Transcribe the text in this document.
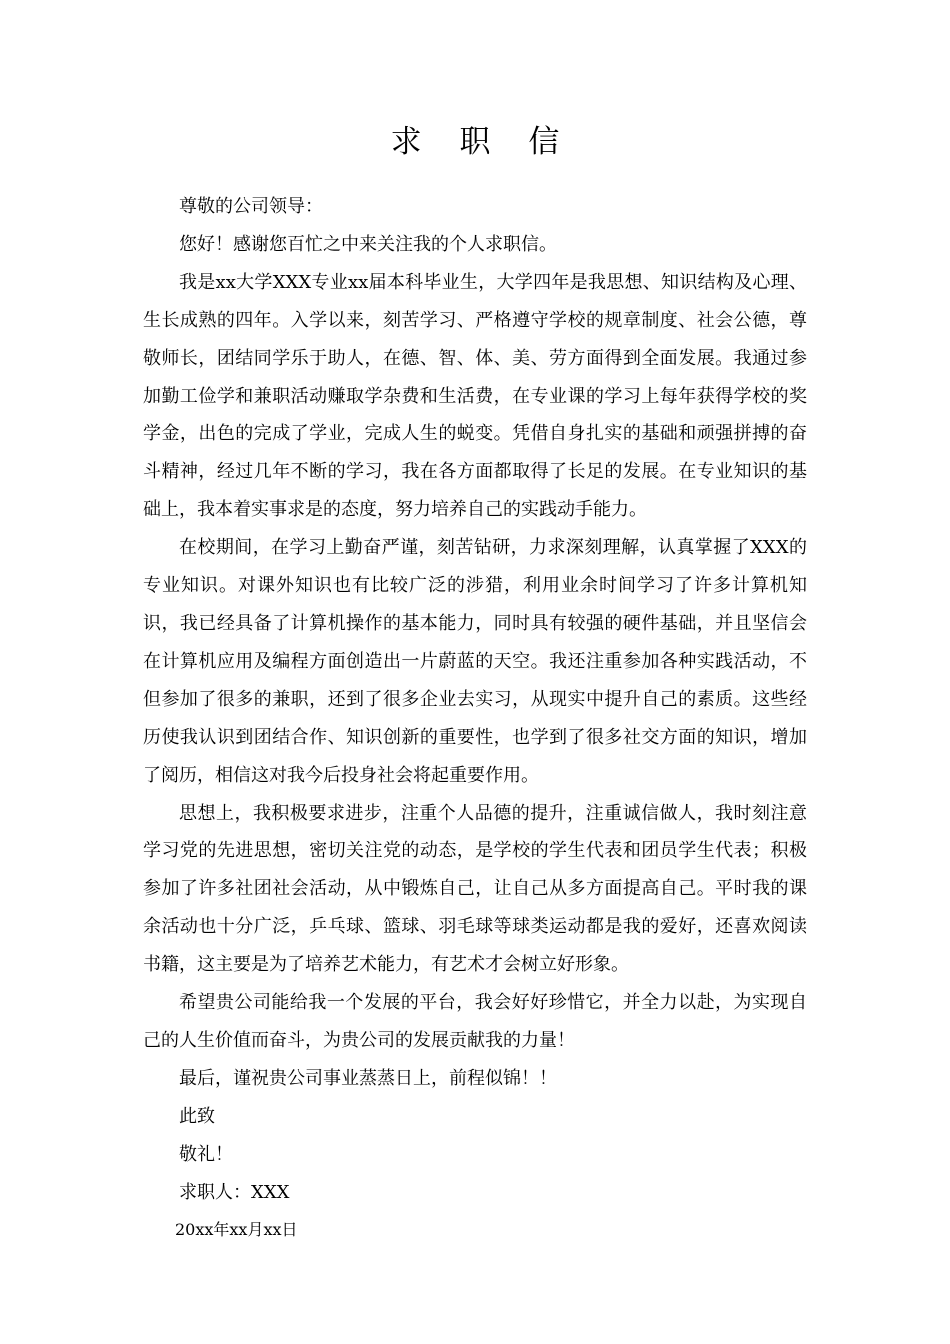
求 职 信

尊敬的公司领导：

您好！感谢您百忙之中来关注我的个人求职信。

我是xx大学XXX专业xx届本科毕业生，大学四年是我思想、知识结构及心理、生长成熟的四年。入学以来，刻苦学习、严格遵守学校的规章制度、社会公德，尊敬师长，团结同学乐于助人，在德、智、体、美、劳方面得到全面发展。我通过参加勤工俭学和兼职活动赚取学杂费和生活费，在专业课的学习上每年获得学校的奖学金，出色的完成了学业，完成人生的蜕变。凭借自身扎实的基础和顽强拼搏的奋斗精神，经过几年不断的学习，我在各方面都取得了长足的发展。在专业知识的基础上，我本着实事求是的态度，努力培养自己的实践动手能力。

在校期间，在学习上勤奋严谨，刻苦钻研，力求深刻理解，认真掌握了XXX的专业知识。对课外知识也有比较广泛的涉猎，利用业余时间学习了许多计算机知识，我已经具备了计算机操作的基本能力，同时具有较强的硬件基础，并且坚信会在计算机应用及编程方面创造出一片蔚蓝的天空。我还注重参加各种实践活动，不但参加了很多的兼职，还到了很多企业去实习，从现实中提升自己的素质。这些经历使我认识到团结合作、知识创新的重要性，也学到了很多社交方面的知识，增加了阅历，相信这对我今后投身社会将起重要作用。

思想上，我积极要求进步，注重个人品德的提升，注重诚信做人，我时刻注意学习党的先进思想，密切关注党的动态，是学校的学生代表和团员学生代表；积极参加了许多社团社会活动，从中锻炼自己，让自己从多方面提高自己。平时我的课余活动也十分广泛，乒乓球、篮球、羽毛球等球类运动都是我的爱好，还喜欢阅读书籍，这主要是为了培养艺术能力，有艺术才会树立好形象。

希望贵公司能给我一个发展的平台，我会好好珍惜它，并全力以赴，为实现自己的人生价值而奋斗，为贵公司的发展贡献我的力量！

最后，谨祝贵公司事业蒸蒸日上，前程似锦！！

此致

敬礼！

求职人：XXX

20xx年xx月xx日
